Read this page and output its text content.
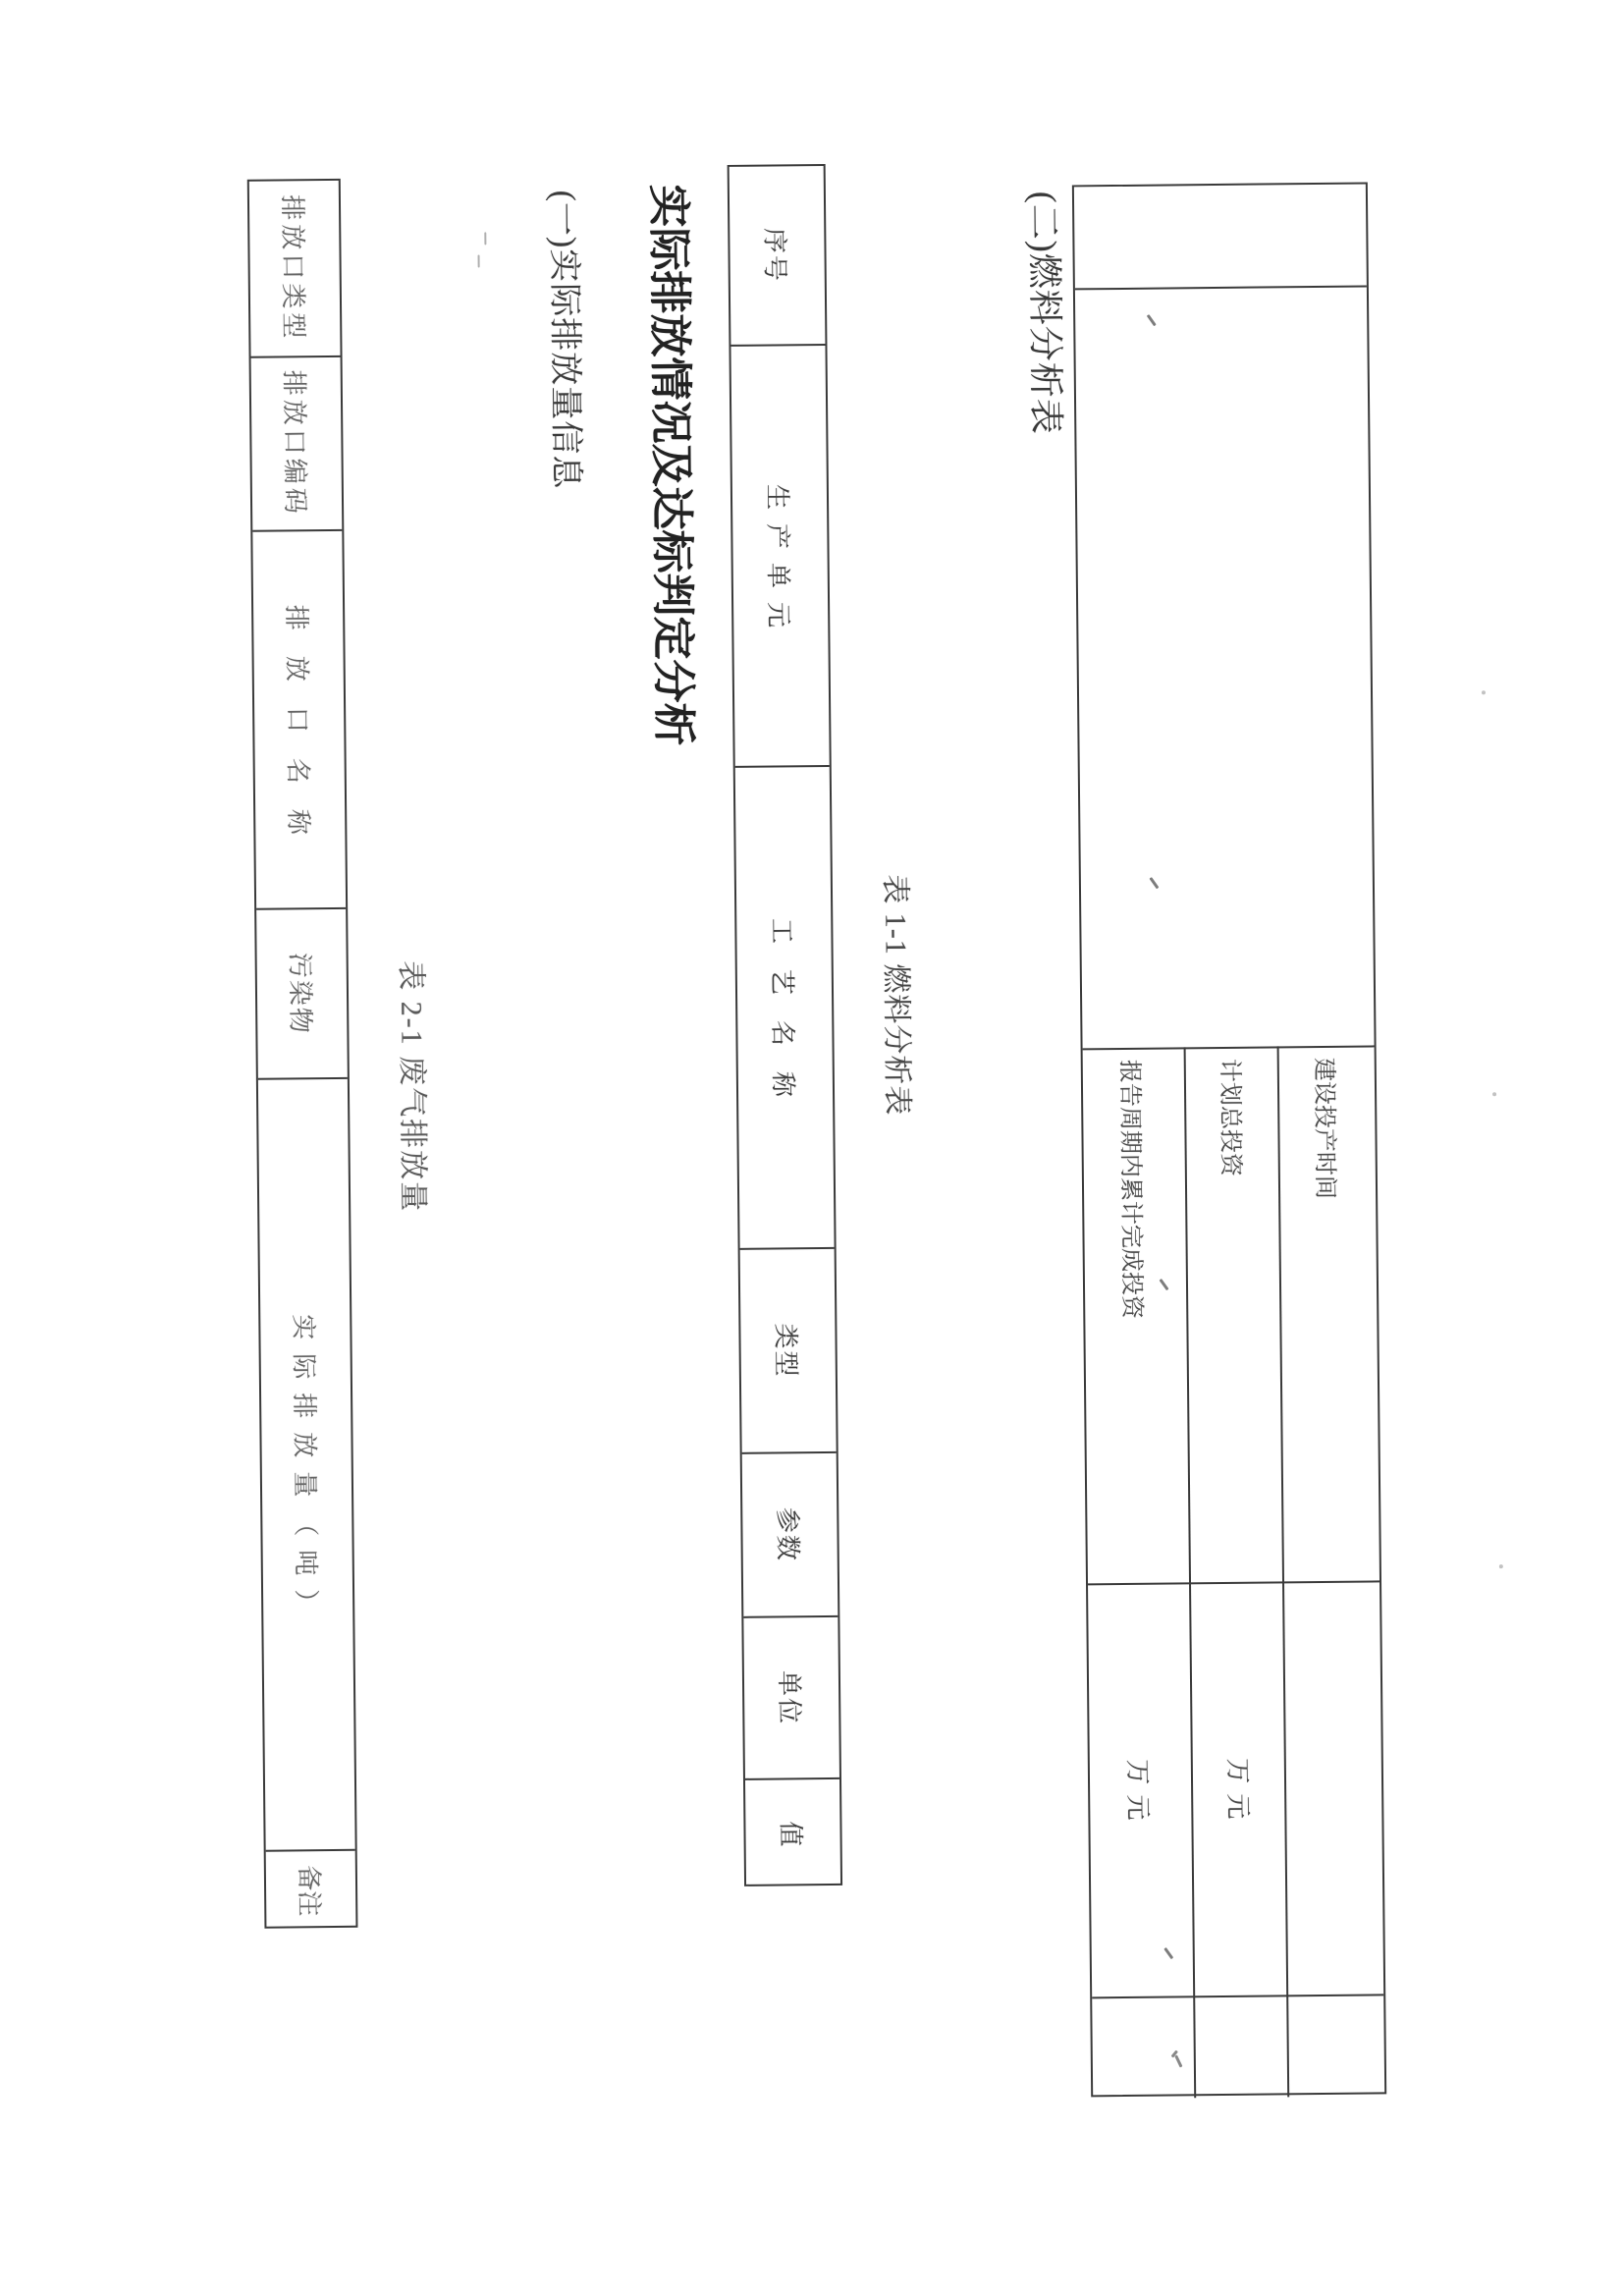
建设投产时间
计划总投资
报告周期内累计完成投资
万元
万元
(二)燃料分析表
表 1-1 燃料分析表
序号
生产单元
工艺名称
类型
参数
单位
值
实际排放情况及达标判定分析
(一)实际排放量信息
表 2-1 废气排放量
排放口类型
排放口编码
排放口名称
污染物
实际排放量（吨）
备注
